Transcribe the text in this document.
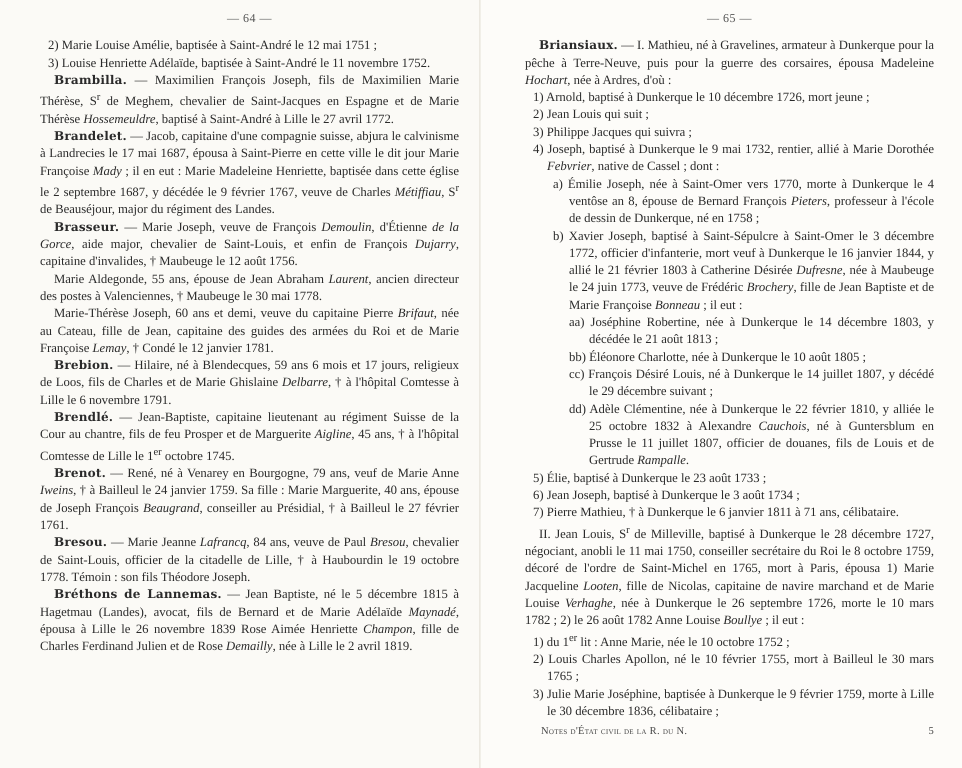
— 64 —

2) Marie Louise Amélie, baptisée à Saint-André le 12 mai 1751 ;

3) Louise Henriette Adélaïde, baptisée à Saint-André le 11 novembre 1752.

Brambilla. — Maximilien François Joseph, fils de Maximilien Marie Thérèse, $S^r$ de Meghem, chevalier de Saint-Jacques en Espagne et de Marie Thérèse Hossemeuldre, baptisé à Saint-André à Lille le 27 avril 1772.

Brandelet. — Jacob, capitaine d'une compagnie suisse, abjura le calvinisme à Landrecies le 17 mai 1687, épousa à Saint-Pierre en cette ville le dit jour Marie Françoise Mady ; il en eut : Marie Madeleine Henriette, baptisée dans cette église le 2 septembre 1687, y décédée le 9 février 1767, veuve de Charles Métiffiau, $S^r$ de Beauséjour, major du régiment des Landes.

Brasseur. — Marie Joseph, veuve de François Demoulin, d'Étienne de la Gorce, aide major, chevalier de Saint-Louis, et enfin de François Dujarry, capitaine d'invalides, † Maubeuge le 12 août 1756.

Marie Aldegonde, 55 ans, épouse de Jean Abraham Laurent, ancien directeur des postes à Valenciennes, † Maubeuge le 30 mai 1778.

Marie-Thérèse Joseph, 60 ans et demi, veuve du capitaine Pierre Brifaut, née au Cateau, fille de Jean, capitaine des guides des armées du Roi et de Marie Françoise Lemay, † Condé le 12 janvier 1781.

Brebion. — Hilaire, né à Blendecques, 59 ans 6 mois et 17 jours, religieux de Loos, fils de Charles et de Marie Ghislaine Delbarre, † à l'hôpital Comtesse à Lille le 6 novembre 1791.

Brendlé. — Jean-Baptiste, capitaine lieutenant au régiment Suisse de la Cour au chantre, fils de feu Prosper et de Marguerite Aigline, 45 ans, † à l'hôpital Comtesse de Lille le 1er octobre 1745.

Brenot. — René, né à Venarey en Bourgogne, 79 ans, veuf de Marie Anne Iweins, † à Bailleul le 24 janvier 1759. Sa fille : Marie Marguerite, 40 ans, épouse de Joseph François Beaugrand, conseiller au Présidial, † à Bailleul le 27 février 1761.

Bresou. — Marie Jeanne Lafrancq, 84 ans, veuve de Paul Bresou, chevalier de Saint-Louis, officier de la citadelle de Lille, † à Haubourdin le 19 octobre 1778. Témoin : son fils Théodore Joseph.

Bréthons de Lannemas. — Jean Baptiste, né le 5 décembre 1815 à Hagetmau (Landes), avocat, fils de Bernard et de Marie Adélaïde Maynadé, épousa à Lille le 26 novembre 1839 Rose Aimée Henriette Champon, fille de Charles Ferdinand Julien et de Rose Demailly, née à Lille le 2 avril 1819.

— 65 —

Briansiaux. — I. Mathieu, né à Gravelines, armateur à Dunkerque pour la pêche à Terre-Neuve, puis pour la guerre des corsaires, épousa Madeleine Hochart, née à Ardres, d'où :

1) Arnold, baptisé à Dunkerque le 10 décembre 1726, mort jeune ;

2) Jean Louis qui suit ;

3) Philippe Jacques qui suivra ;

4) Joseph, baptisé à Dunkerque le 9 mai 1732, rentier, allié à Marie Dorothée Febvrier, native de Cassel ; dont :

a) Émilie Joseph, née à Saint-Omer vers 1770, morte à Dunkerque le 4 ventôse an 8, épouse de Bernard François Pieters, professeur à l'école de dessin de Dunkerque, né en 1758 ;

b) Xavier Joseph, baptisé à Saint-Sépulcre à Saint-Omer le 3 décembre 1772, officier d'infanterie, mort veuf à Dunkerque le 16 janvier 1844, y allié le 21 février 1803 à Catherine Désirée Dufresne, née à Maubeuge le 24 juin 1773, veuve de Frédéric Brochery, fille de Jean Baptiste et de Marie Françoise Bonneau ; il eut :

aa) Joséphine Robertine, née à Dunkerque le 14 décembre 1803, y décédée le 21 août 1813 ;

bb) Éléonore Charlotte, née à Dunkerque le 10 août 1805 ;

cc) François Désiré Louis, né à Dunkerque le 14 juillet 1807, y décédé le 29 décembre suivant ;

dd) Adèle Clémentine, née à Dunkerque le 22 février 1810, y alliée le 25 octobre 1832 à Alexandre Cauchois, né à Guntersblum en Prusse le 11 juillet 1807, officier de douanes, fils de Louis et de Gertrude Rampalle.

5) Élie, baptisé à Dunkerque le 23 août 1733 ;

6) Jean Joseph, baptisé à Dunkerque le 3 août 1734 ;

7) Pierre Mathieu, † à Dunkerque le 6 janvier 1811 à 71 ans, célibataire.

II. Jean Louis, $S^r$ de Milleville, baptisé à Dunkerque le 28 décembre 1727, négociant, anobli le 11 mai 1750, conseiller secrétaire du Roi le 8 octobre 1759, décoré de l'ordre de Saint-Michel en 1765, mort à Paris, épousa 1) Marie Jacqueline Looten, fille de Nicolas, capitaine de navire marchand et de Marie Louise Verhaghe, née à Dunkerque le 26 septembre 1726, morte le 10 mars 1782 ; 2) le 26 août 1782 Anne Louise Boullye ; il eut :

1) du 1er lit : Anne Marie, née le 10 octobre 1752 ;

2) Louis Charles Apollon, né le 10 février 1755, mort à Bailleul le 30 mars 1765 ;

3) Julie Marie Joséphine, baptisée à Dunkerque le 9 février 1759, morte à Lille le 30 décembre 1836, célibataire ;

Notes d'État civil de la R. du N.	5
